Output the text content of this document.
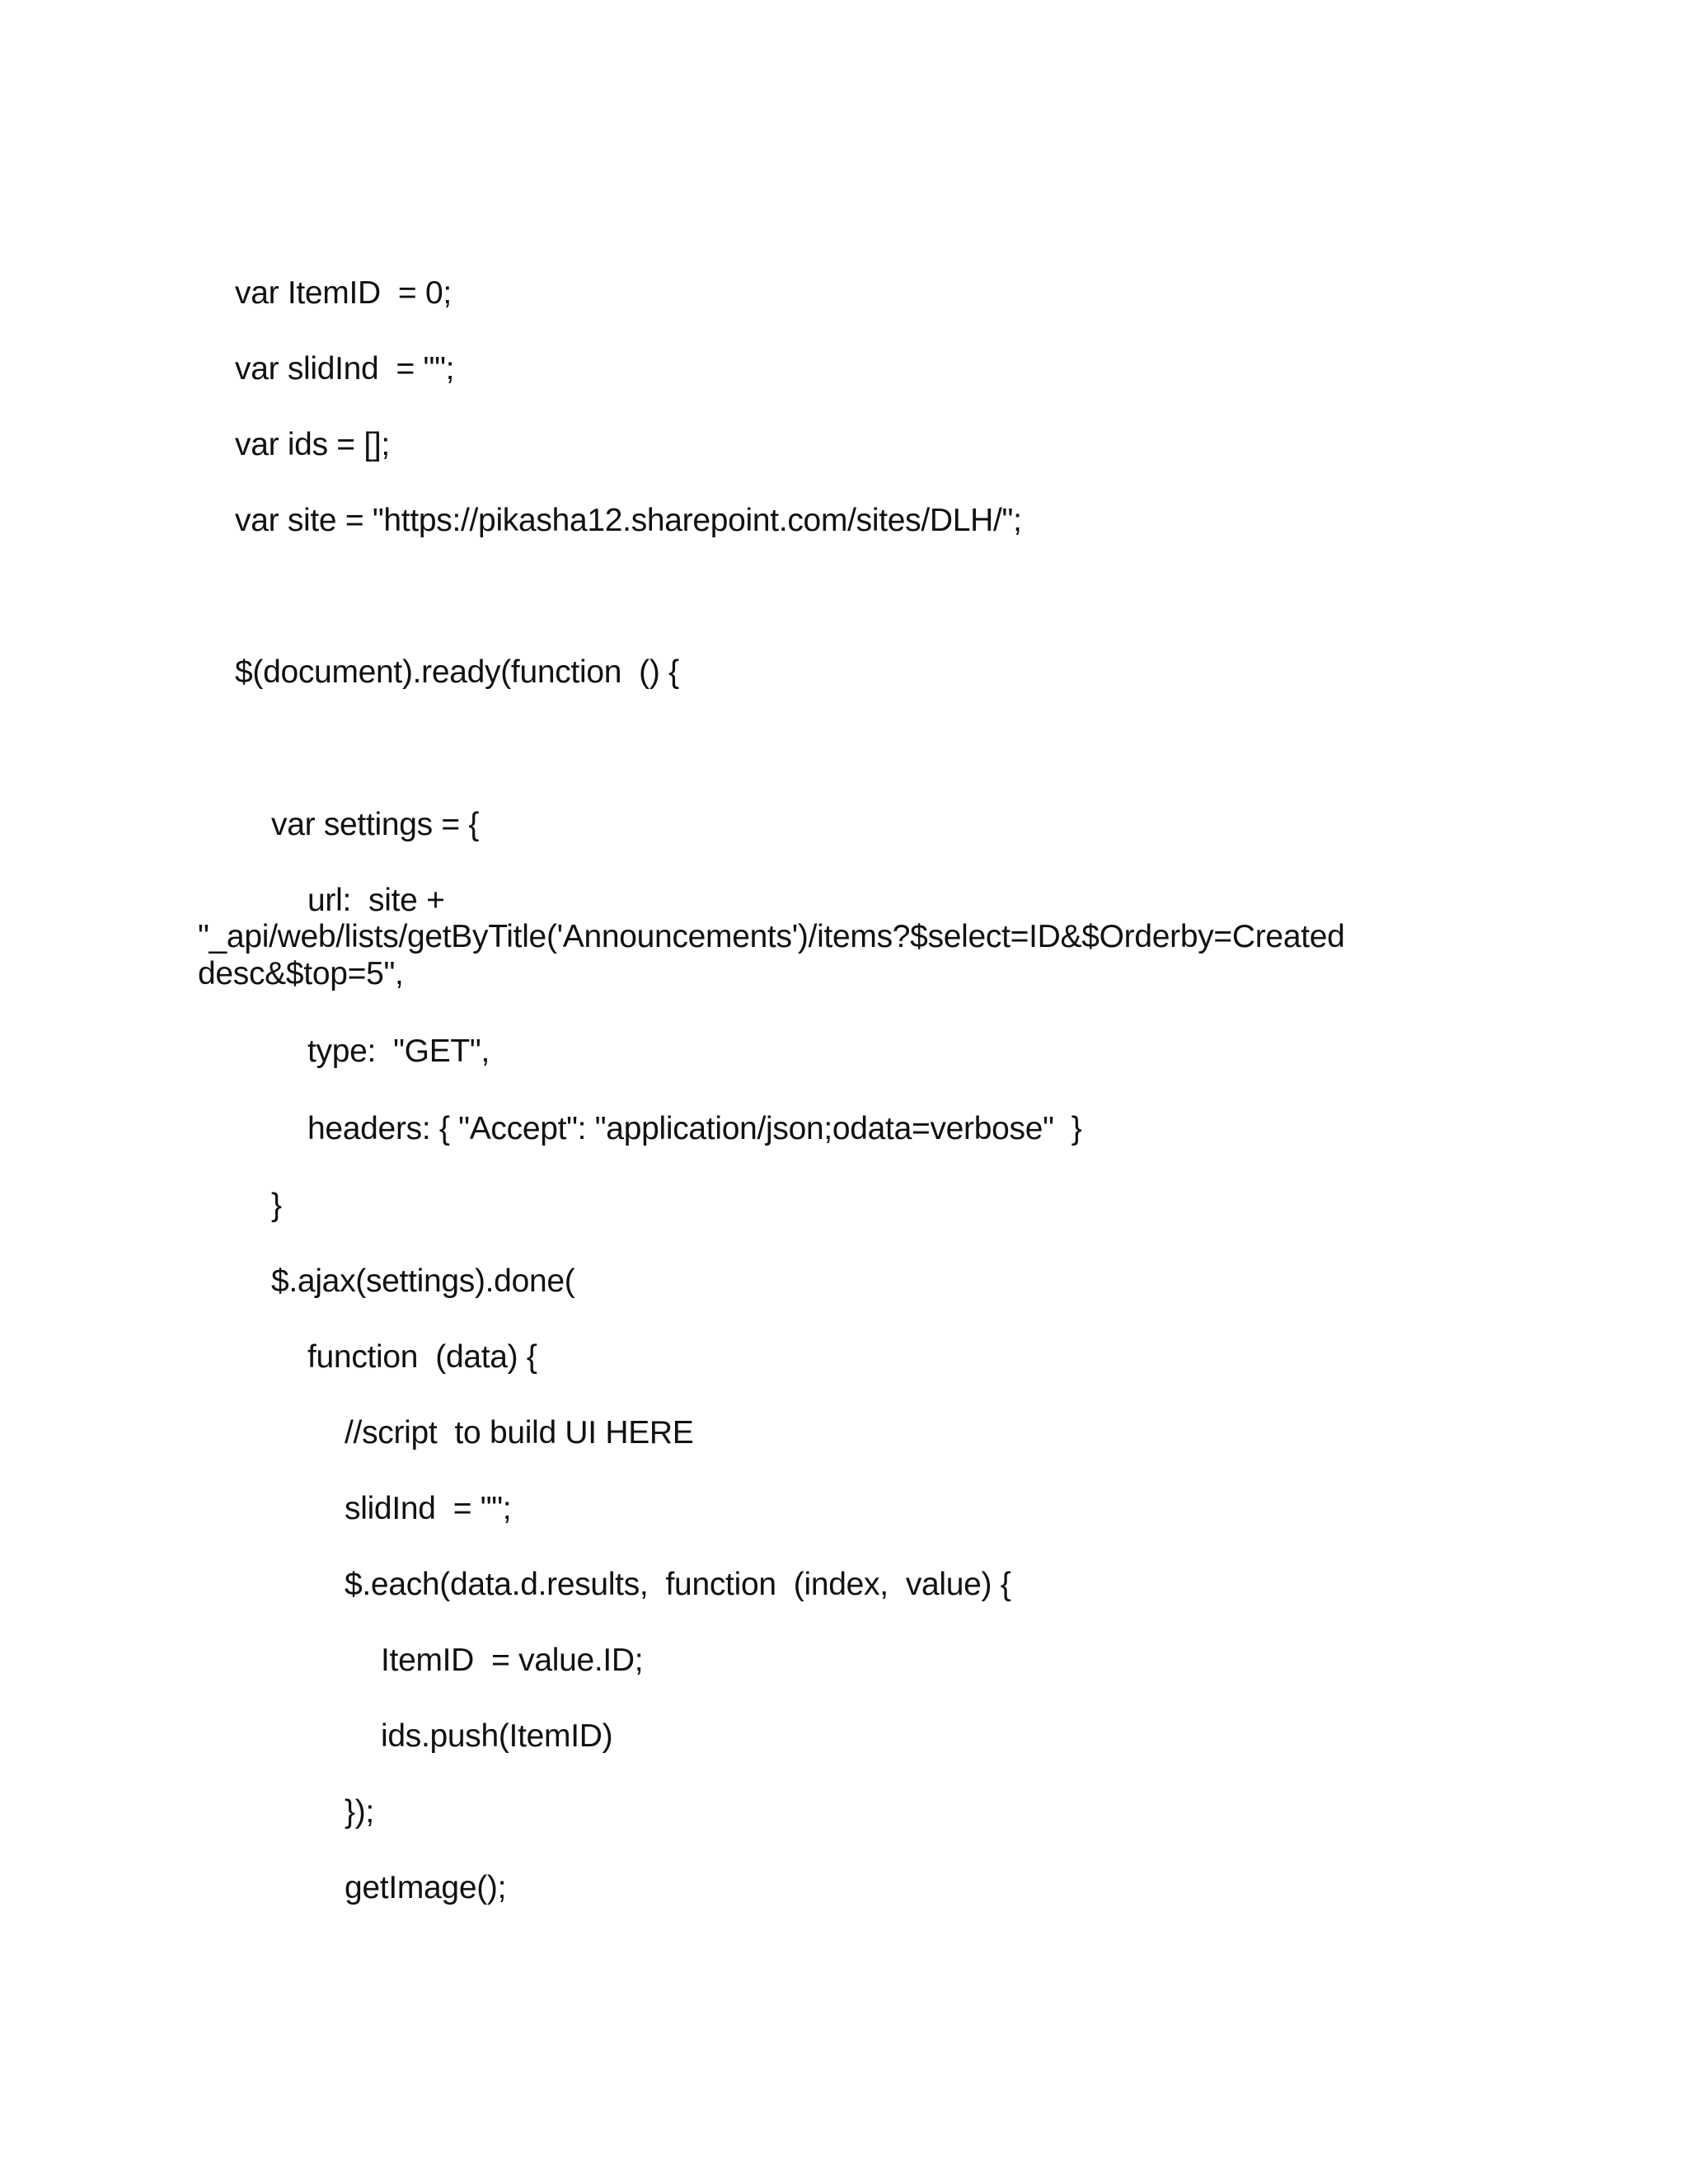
var ItemID  = 0;

var slidInd  = "";

var ids = [];

var site = "https://pikasha12.sharepoint.com/sites/DLH/";

$(document).ready(function  () {

var settings = {

url:  site +

"_api/web/lists/getByTitle('Announcements')/items?$select=ID&$Orderby=Created

desc&$top=5",

type:  "GET",

headers: { "Accept": "application/json;odata=verbose"  }

}

$.ajax(settings).done(

function  (data) {

//script  to build UI HERE

slidInd  = "";

$.each(data.d.results,  function  (index,  value) {

ItemID  = value.ID;

ids.push(ItemID)

});

getImage();
